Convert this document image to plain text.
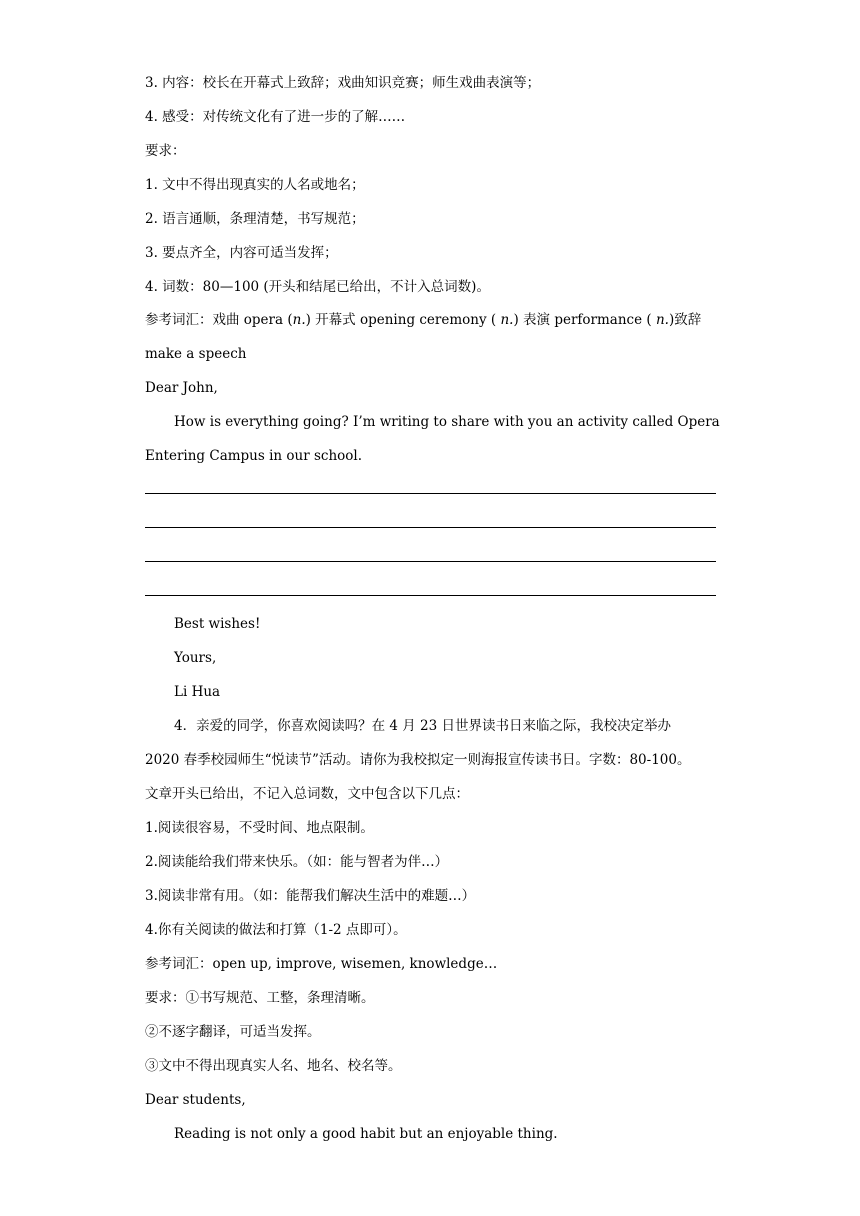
3. 内容：校长在开幕式上致辞；戏曲知识竞赛；师生戏曲表演等；
4. 感受：对传统文化有了进一步的了解……
要求：
1. 文中不得出现真实的人名或地名；
2. 语言通顺，条理清楚，书写规范；
3. 要点齐全，内容可适当发挥；
4. 词数：80—100 (开头和结尾已给出，不计入总词数)。
参考词汇：戏曲 opera (n.) 开幕式 opening ceremony ( n.) 表演 performance ( n.)致辞
make a speech
Dear John,
How is everything going? I’m writing to share with you an activity called Opera
Entering Campus in our school.
Best wishes!
Yours,
Li Hua
4．亲爱的同学，你喜欢阅读吗？在 4 月 23 日世界读书日来临之际，我校决定举办
2020 春季校园师生“悦读节”活动。请你为我校拟定一则海报宣传读书日。字数：80-100。
文章开头已给出，不记入总词数，文中包含以下几点：
1.阅读很容易，不受时间、地点限制。
2.阅读能给我们带来快乐。（如：能与智者为伴…）
3.阅读非常有用。（如：能帮我们解决生活中的难题…）
4.你有关阅读的做法和打算（1-2 点即可）。
参考词汇：open up, improve, wisemen, knowledge…
要求：①书写规范、工整，条理清晰。
②不逐字翻译，可适当发挥。
③文中不得出现真实人名、地名、校名等。
Dear students,
Reading is not only a good habit but an enjoyable thing.
